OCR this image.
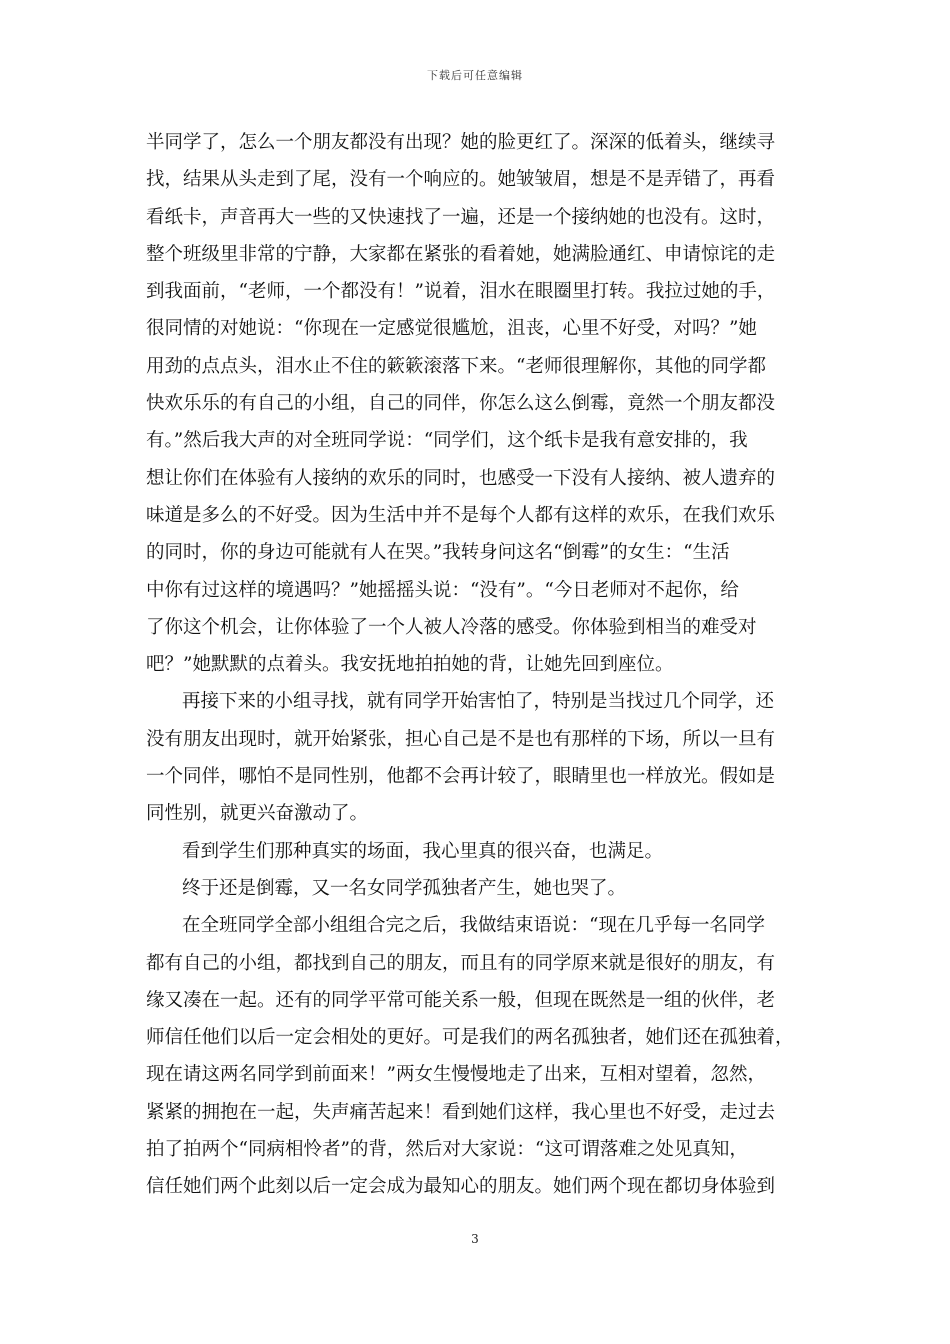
下载后可任意编辑
半同学了，怎么一个朋友都没有出现？她的脸更红了。深深的低着头，继续寻
找，结果从头走到了尾，没有一个响应的。她皱皱眉，想是不是弄错了，再看
看纸卡，声音再大一些的又快速找了一遍，还是一个接纳她的也没有。这时，
整个班级里非常的宁静，大家都在紧张的看着她，她满脸通红、申请惊诧的走
到我面前，“老师，一个都没有！”说着，泪水在眼圈里打转。我拉过她的手，
很同情的对她说：“你现在一定感觉很尴尬，沮丧，心里不好受，对吗？”她
用劲的点点头，泪水止不住的簌簌滚落下来。“老师很理解你，其他的同学都
快欢乐乐的有自己的小组，自己的同伴，你怎么这么倒霉，竟然一个朋友都没
有。”然后我大声的对全班同学说：“同学们，这个纸卡是我有意安排的，我
想让你们在体验有人接纳的欢乐的同时，也感受一下没有人接纳、被人遗弃的
味道是多么的不好受。因为生活中并不是每个人都有这样的欢乐，在我们欢乐
的同时，你的身边可能就有人在哭。”我转身问这名“倒霉”的女生：“生活
中你有过这样的境遇吗？”她摇摇头说：“没有”。“今日老师对不起你，给
了你这个机会，让你体验了一个人被人冷落的感受。你体验到相当的难受对
吧？”她默默的点着头。我安抚地拍拍她的背，让她先回到座位。
再接下来的小组寻找，就有同学开始害怕了，特别是当找过几个同学，还
没有朋友出现时，就开始紧张，担心自己是不是也有那样的下场，所以一旦有
一个同伴，哪怕不是同性别，他都不会再计较了，眼睛里也一样放光。假如是
同性别，就更兴奋激动了。
看到学生们那种真实的场面，我心里真的很兴奋，也满足。
终于还是倒霉，又一名女同学孤独者产生，她也哭了。
在全班同学全部小组组合完之后，我做结束语说：“现在几乎每一名同学
都有自己的小组，都找到自己的朋友，而且有的同学原来就是很好的朋友，有
缘又凑在一起。还有的同学平常可能关系一般，但现在既然是一组的伙伴，老
师信任他们以后一定会相处的更好。可是我们的两名孤独者，她们还在孤独着，
现在请这两名同学到前面来！”两女生慢慢地走了出来，互相对望着，忽然，
紧紧的拥抱在一起，失声痛苦起来！看到她们这样，我心里也不好受，走过去
拍了拍两个“同病相怜者”的背，然后对大家说：“这可谓落难之处见真知，
信任她们两个此刻以后一定会成为最知心的朋友。她们两个现在都切身体验到
3
